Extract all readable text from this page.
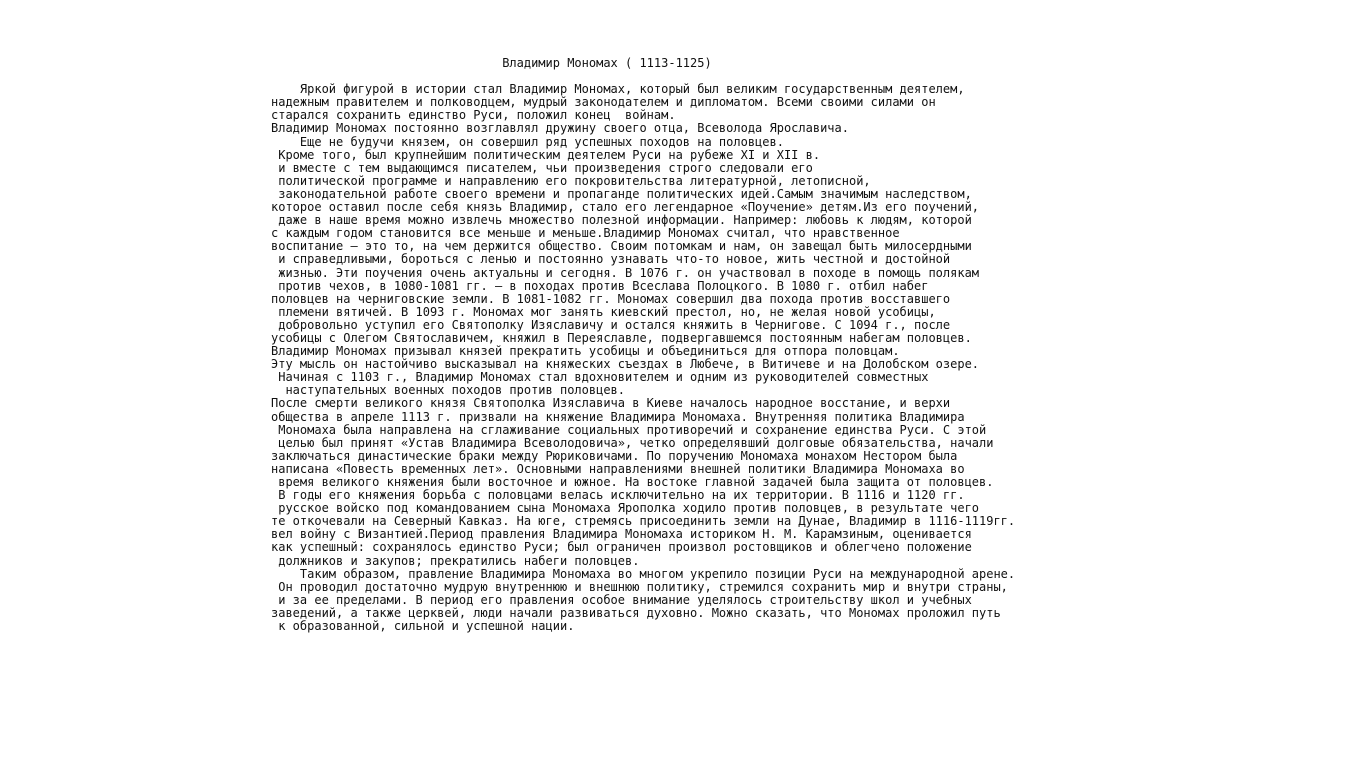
Владимир Мономах ( 1113-1125)
Яркой фигурой в истории стал Владимир Мономах, который был великим государственным деятелем,
надежным правителем и полководцем, мудрый законодателем и дипломатом. Всеми своими силами он
старался сохранить единство Руси, положил конец  войнам.
Владимир Мономах постоянно возглавлял дружину своего отца, Всеволода Ярославича.
Еще не будучи князем, он совершил ряд успешных походов на половцев.
Кроме того, был крупнейшим политическим деятелем Руси на рубеже XI и XII в.
и вместе с тем выдающимся писателем, чьи произведения строго следовали его
политической программе и направлению его покровительства литературной, летописной,
законодательной работе своего времени и пропаганде политических идей.Самым значимым наследством,
которое оставил после себя князь Владимир, стало его легендарное «Поучение» детям.Из его поучений,
даже в наше время можно извлечь множество полезной информации. Например: любовь к людям, которой
с каждым годом становится все меньше и меньше.Владимир Мономах считал, что нравственное
воспитание – это то, на чем держится общество. Своим потомкам и нам, он завещал быть милосердными
и справедливыми, бороться с ленью и постоянно узнавать что-то новое, жить честной и достойной
жизнью. Эти поучения очень актуальны и сегодня. В 1076 г. он участвовал в походе в помощь полякам
против чехов, в 1080-1081 гг. — в походах против Всеслава Полоцкого. В 1080 г. отбил набег
половцев на черниговские земли. В 1081-1082 гг. Мономах совершил два похода против восставшего
племени вятичей. В 1093 г. Мономах мог занять киевский престол, но, не желая новой усобицы,
добровольно уступил его Святополку Изяславичу и остался княжить в Чернигове. С 1094 г., после
усобицы с Олегом Святославичем, княжил в Переяславле, подвергавшемся постоянным набегам половцев.
Владимир Мономах призывал князей прекратить усобицы и объединиться для отпора половцам.
Эту мысль он настойчиво высказывал на княжеских съездах в Любече, в Витичеве и на Долобском озере.
Начиная с 1103 г., Владимир Мономах стал вдохновителем и одним из руководителей совместных
наступательных военных походов против половцев.
После смерти великого князя Святополка Изяславича в Киеве началось народное восстание, и верхи
общества в апреле 1113 г. призвали на княжение Владимира Мономаха. Внутренняя политика Владимира
Мономаха была направлена на сглаживание социальных противоречий и сохранение единства Руси. С этой
целью был принят «Устав Владимира Всеволодовича», четко определявший долговые обязательства, начали
заключаться династические браки между Рюриковичами. По поручению Мономаха монахом Нестором была
написана «Повесть временных лет». Основными направлениями внешней политики Владимира Мономаха во
время великого княжения были восточное и южное. На востоке главной задачей была защита от половцев.
В годы его княжения борьба с половцами велась исключительно на их территории. В 1116 и 1120 гг.
русское войско под командованием сына Мономаха Ярополка ходило против половцев, в результате чего
те откочевали на Северный Кавказ. На юге, стремясь присоединить земли на Дунае, Владимир в 1116-1119гг.
вел войну с Византией.Период правления Владимира Мономаха историком Н. М. Карамзиным, оценивается
как успешный: сохранялось единство Руси; был ограничен произвол ростовщиков и облегчено положение
должников и закупов; прекратились набеги половцев.
Таким образом, правление Владимира Мономаха во многом укрепило позиции Руси на международной арене.
Он проводил достаточно мудрую внутреннюю и внешнюю политику, стремился сохранить мир и внутри страны,
и за ее пределами. В период его правления особое внимание уделялось строительству школ и учебных
заведений, а также церквей, люди начали развиваться духовно. Можно сказать, что Мономах проложил путь
к образованной, сильной и успешной нации.
